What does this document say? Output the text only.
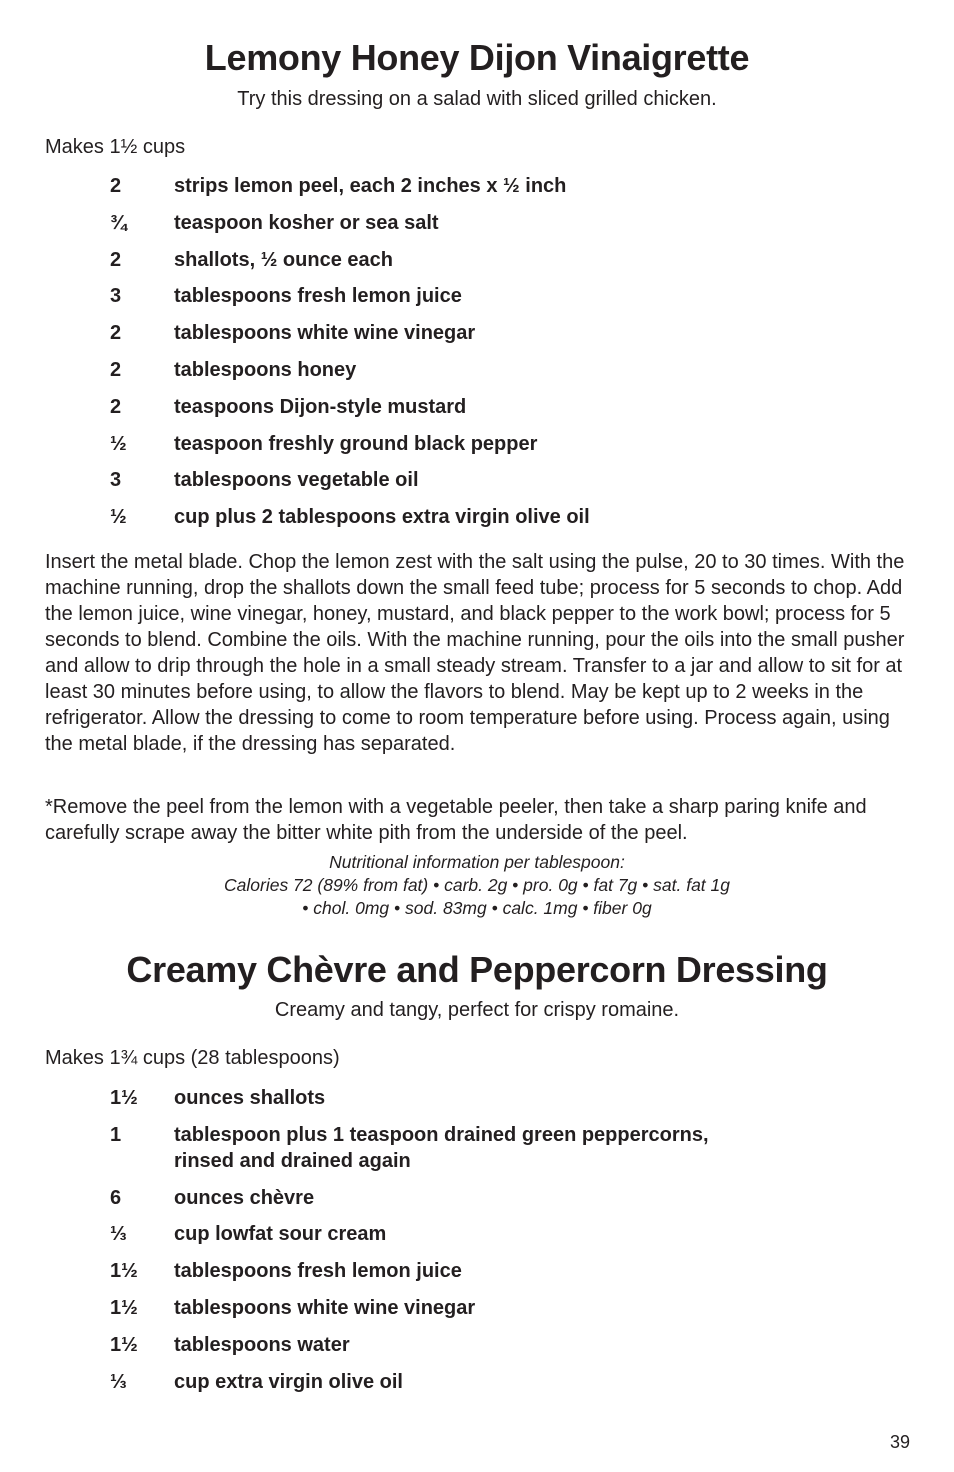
Lemony Honey Dijon Vinaigrette

Try this dressing on a salad with sliced grilled chicken.

Makes 1½ cups

2	strips lemon peel, each 2 inches x ½ inch
¾	teaspoon kosher or sea salt
2	shallots, ½ ounce each
3	tablespoons fresh lemon juice
2	tablespoons white wine vinegar
2	tablespoons honey
2	teaspoons Dijon-style mustard
½	teaspoon freshly ground black pepper
3	tablespoons vegetable oil
½	cup plus 2 tablespoons extra virgin olive oil

Insert the metal blade. Chop the lemon zest with the salt using the pulse, 20 to 30 times. With the machine running, drop the shallots down the small feed tube; process for 5 seconds to chop. Add the lemon juice, wine vinegar, honey, mustard, and black pepper to the work bowl; process for 5 seconds to blend. Combine the oils. With the machine running, pour the oils into the small pusher and allow to drip through the hole in a small steady stream. Transfer to a jar and allow to sit for at least 30 minutes before using, to allow the flavors to blend. May be kept up to 2 weeks in the refrigerator. Allow the dressing to come to room temperature before using. Process again, using the metal blade, if the dressing has separated.

*Remove the peel from the lemon with a vegetable peeler, then take a sharp paring knife and carefully scrape away the bitter white pith from the underside of the peel.

Nutritional information per tablespoon:
Calories 72 (89% from fat) • carb. 2g • pro. 0g • fat 7g • sat. fat 1g
• chol. 0mg • sod. 83mg • calc. 1mg • fiber 0g
Creamy Chèvre and Peppercorn Dressing

Creamy and tangy, perfect for crispy romaine.

Makes 1¾ cups (28 tablespoons)

1½	ounces shallots
1	tablespoon plus 1 teaspoon drained green peppercorns,
rinsed and drained again
6	ounces chèvre
⅓	cup lowfat sour cream
1½	tablespoons fresh lemon juice
1½	tablespoons white wine vinegar
1½	tablespoons water
⅓	cup extra virgin olive oil
39
